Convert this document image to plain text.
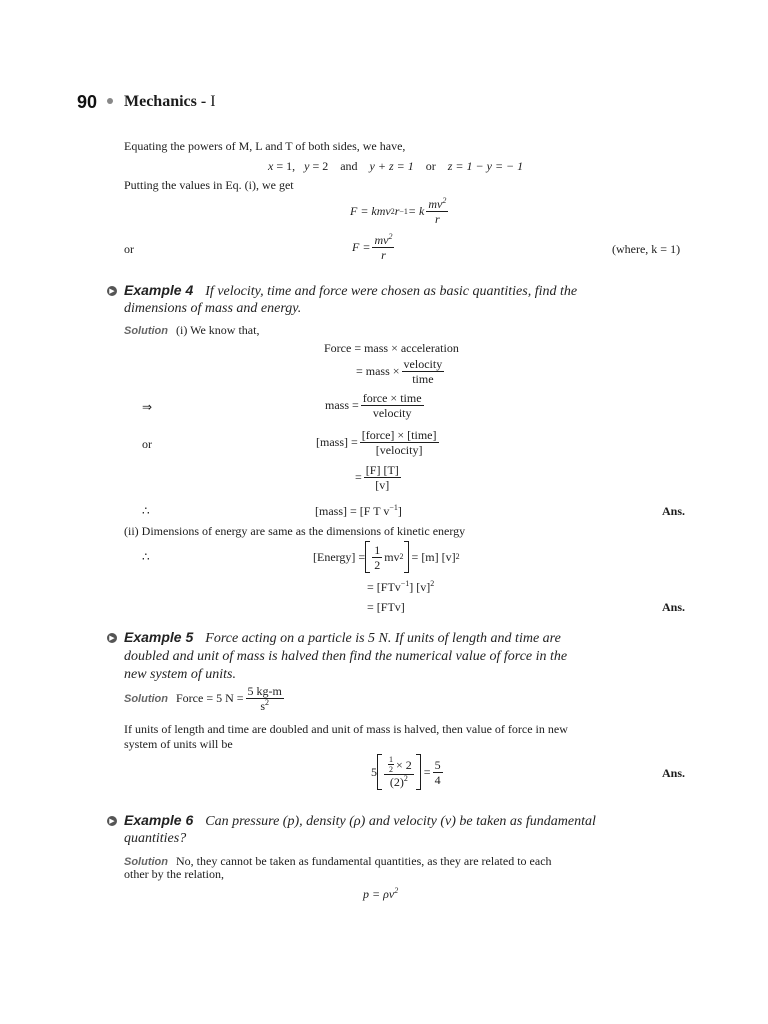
90 Mechanics - I
Equating the powers of M, L and T of both sides, we have,
x = 1, y = 2 and y + z = 1 or z = 1 − y = − 1
Putting the values in Eq. (i), we get
F = kmv 2 r −1 = k $\frac{mv^2}{r}$
or	$F = \frac{mv^2}{r}$	(where, k = 1)
▶ Example 4 If velocity, time and force were chosen as basic quantities, find the
dimensions of mass and energy.
Solution (i) We know that,
Force = mass × acceleration
= mass × $\frac{\text{velocity}}{\text{time}}$
⇒	mass = $\frac{\text{force × time}}{\text{velocity}}$
or	[mass] = $\frac{\text{[force] × [time]}}{\text{[velocity]}}$
= $\frac{[F] [T]}{[v]}$
∴	[mass] = [F T $v^{-1}$]	Ans.
(ii) Dimensions of energy are same as the dimensions of kinetic energy
∴	[Energy] = $\frac{1}{2}$ mv 2
= [m] [v] 2
= [FTv$^{-1}$] $[v]^2$
= [FTv]	Ans.
▶ Example 5 Force acting on a particle is 5 N. If units of length and time are
doubled and unit of mass is halved then find the numerical value of force in the
new system of units.
Solution
Force = 5 $N = \frac{5 kg-m}{s^2}$
If units of length and time are doubled and unit of mass is halved, then value of force in new
system of units will be
$5 \frac{\frac{1}{2} \times 2}{(2)^2}$
= $\frac{5}{4}$	Ans.
▶ Example 6 Can pressure (p), density (ρ) and velocity (v) be taken as fundamental
quantities?
Solution No, they cannot be taken as fundamental quantities, as they are related to each
other by the relation,
$p = \rho v^2$
